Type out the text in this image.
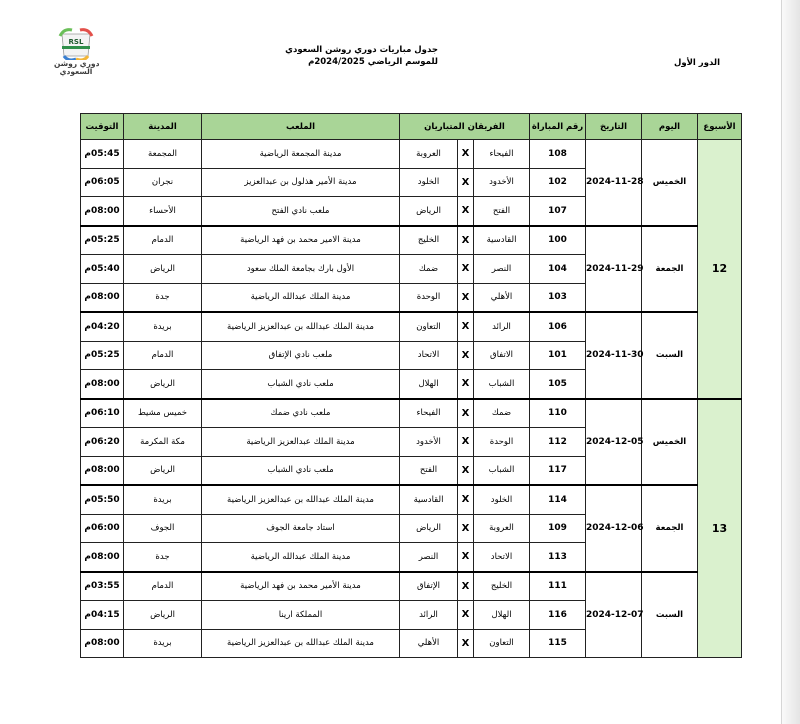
RSL
دوري روشن
السعودي
جدول مباريات دوري روشن السعودي
للموسم الرياضي 2024/2025م	الدور الأول
الأسبوع	اليوم	التاريخ	رقم المباراة	الفريقان المتباريان			الملعب	المدينة	التوقيت
12	الخميس	2024-11-28	108	الفيحاء	X	العروبة	مدينة المجمعة الرياضية	المجمعة	05:45م
			102	الأخدود	X	الخلود	مدينة الأمير هذلول بن عبدالعزيز	نجران	06:05م
			107	الفتح	X	الرياض	ملعب نادي الفتح	الأحساء	08:00م
	الجمعة	2024-11-29	100	القادسية	X	الخليج	مدينة الامير محمد بن فهد الرياضية	الدمام	05:25م
			104	النصر	X	ضمك	الأول بارك بجامعة الملك سعود	الرياض	05:40م
			103	الأهلي	X	الوحدة	مدينة الملك عبدالله الرياضية	جدة	08:00م
	السبت	2024-11-30	106	الرائد	X	التعاون	مدينة الملك عبدالله بن عبدالعزيز الرياضية	بريدة	04:20م
			101	الاتفاق	X	الاتحاد	ملعب نادي الإتفاق	الدمام	05:25م
			105	الشباب	X	الهلال	ملعب نادي الشباب	الرياض	08:00م
13	الخميس	2024-12-05	110	ضمك	X	الفيحاء	ملعب نادي ضمك	خميس مشيط	06:10م
			112	الوحدة	X	الأخدود	مدينة الملك عبدالعزيز الرياضية	مكة المكرمة	06:20م
			117	الشباب	X	الفتح	ملعب نادي الشباب	الرياض	08:00م
	الجمعة	2024-12-06	114	الخلود	X	القادسية	مدينة الملك عبدالله بن عبدالعزيز الرياضية	بريدة	05:50م
			109	العروبة	X	الرياض	استاد جامعة الجوف	الجوف	06:00م
			113	الاتحاد	X	النصر	مدينة الملك عبدالله الرياضية	جدة	08:00م
	السبت	2024-12-07	111	الخليج	X	الإتفاق	مدينة الأمير محمد بن فهد الرياضية	الدمام	03:55م
			116	الهلال	X	الرائد	المملكة ارينا	الرياض	04:15م
			115	التعاون	X	الأهلي	مدينة الملك عبدالله بن عبدالعزيز الرياضية	بريدة	08:00م
